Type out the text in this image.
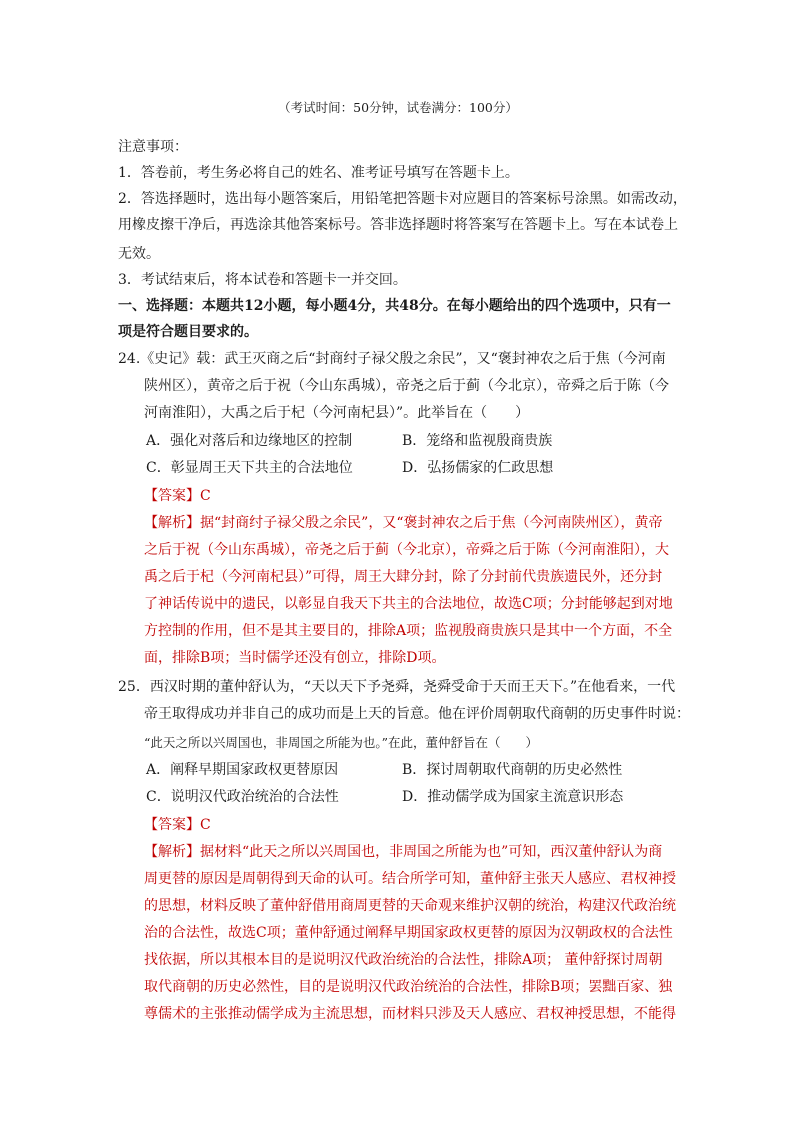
（考试时间：50分钟，试卷满分：100分）
注意事项：
1．答卷前，考生务必将自己的姓名、准考证号填写在答题卡上。
2．答选择题时，选出每小题答案后，用铅笔把答题卡对应题目的答案标号涂黑。如需改动，
用橡皮擦干净后，再选涂其他答案标号。答非选择题时将答案写在答题卡上。写在本试卷上
无效。
3．考试结束后，将本试卷和答题卡一并交回。
一、选择题：本题共12小题，每小题4分，共48分。在每小题给出的四个选项中，只有一
项是符合题目要求的。
24.《史记》载：武王灭商之后“封商纣子禄父殷之余民”，又“褒封神农之后于焦（今河南
陕州区），黄帝之后于祝（今山东禹城），帝尧之后于蓟（今北京），帝舜之后于陈（今
河南淮阳），大禹之后于杞（今河南杞县）”。此举旨在（　　）
A．强化对落后和边缘地区的控制	B．笼络和监视殷商贵族
C．彰显周王天下共主的合法地位	D．弘扬儒家的仁政思想
【答案】C
【解析】据“封商纣子禄父殷之余民”，又“褒封神农之后于焦（今河南陕州区），黄帝
之后于祝（今山东禹城），帝尧之后于蓟（今北京），帝舜之后于陈（今河南淮阳），大
禹之后于杞（今河南杞县）”可得，周王大肆分封，除了分封前代贵族遗民外，还分封
了神话传说中的遗民，以彰显自我天下共主的合法地位，故选C项；分封能够起到对地
方控制的作用，但不是其主要目的，排除A项；监视殷商贵族只是其中一个方面，不全
面，排除B项；当时儒学还没有创立，排除D项。
25．西汉时期的董仲舒认为，“天以天下予尧舜，尧舜受命于天而王天下。”在他看来，一代
帝王取得成功并非自己的成功而是上天的旨意。他在评价周朝取代商朝的历史事件时说：
“此天之所以兴周国也，非周国之所能为也。”在此，董仲舒旨在（　　）
A．阐释早期国家政权更替原因	B．探讨周朝取代商朝的历史必然性
C．说明汉代政治统治的合法性	D．推动儒学成为国家主流意识形态
【答案】C
【解析】据材料“此天之所以兴周国也，非周国之所能为也”可知，西汉董仲舒认为商
周更替的原因是周朝得到天命的认可。结合所学可知，董仲舒主张天人感应、君权神授
的思想，材料反映了董仲舒借用商周更替的天命观来维护汉朝的统治，构建汉代政治统
治的合法性，故选C项；董仲舒通过阐释早期国家政权更替的原因为汉朝政权的合法性
找依据，所以其根本目的是说明汉代政治统治的合法性，排除A项； 董仲舒探讨周朝
取代商朝的历史必然性，目的是说明汉代政治统治的合法性，排除B项；罢黜百家、独
尊儒术的主张推动儒学成为主流思想，而材料只涉及天人感应、君权神授思想，不能得
